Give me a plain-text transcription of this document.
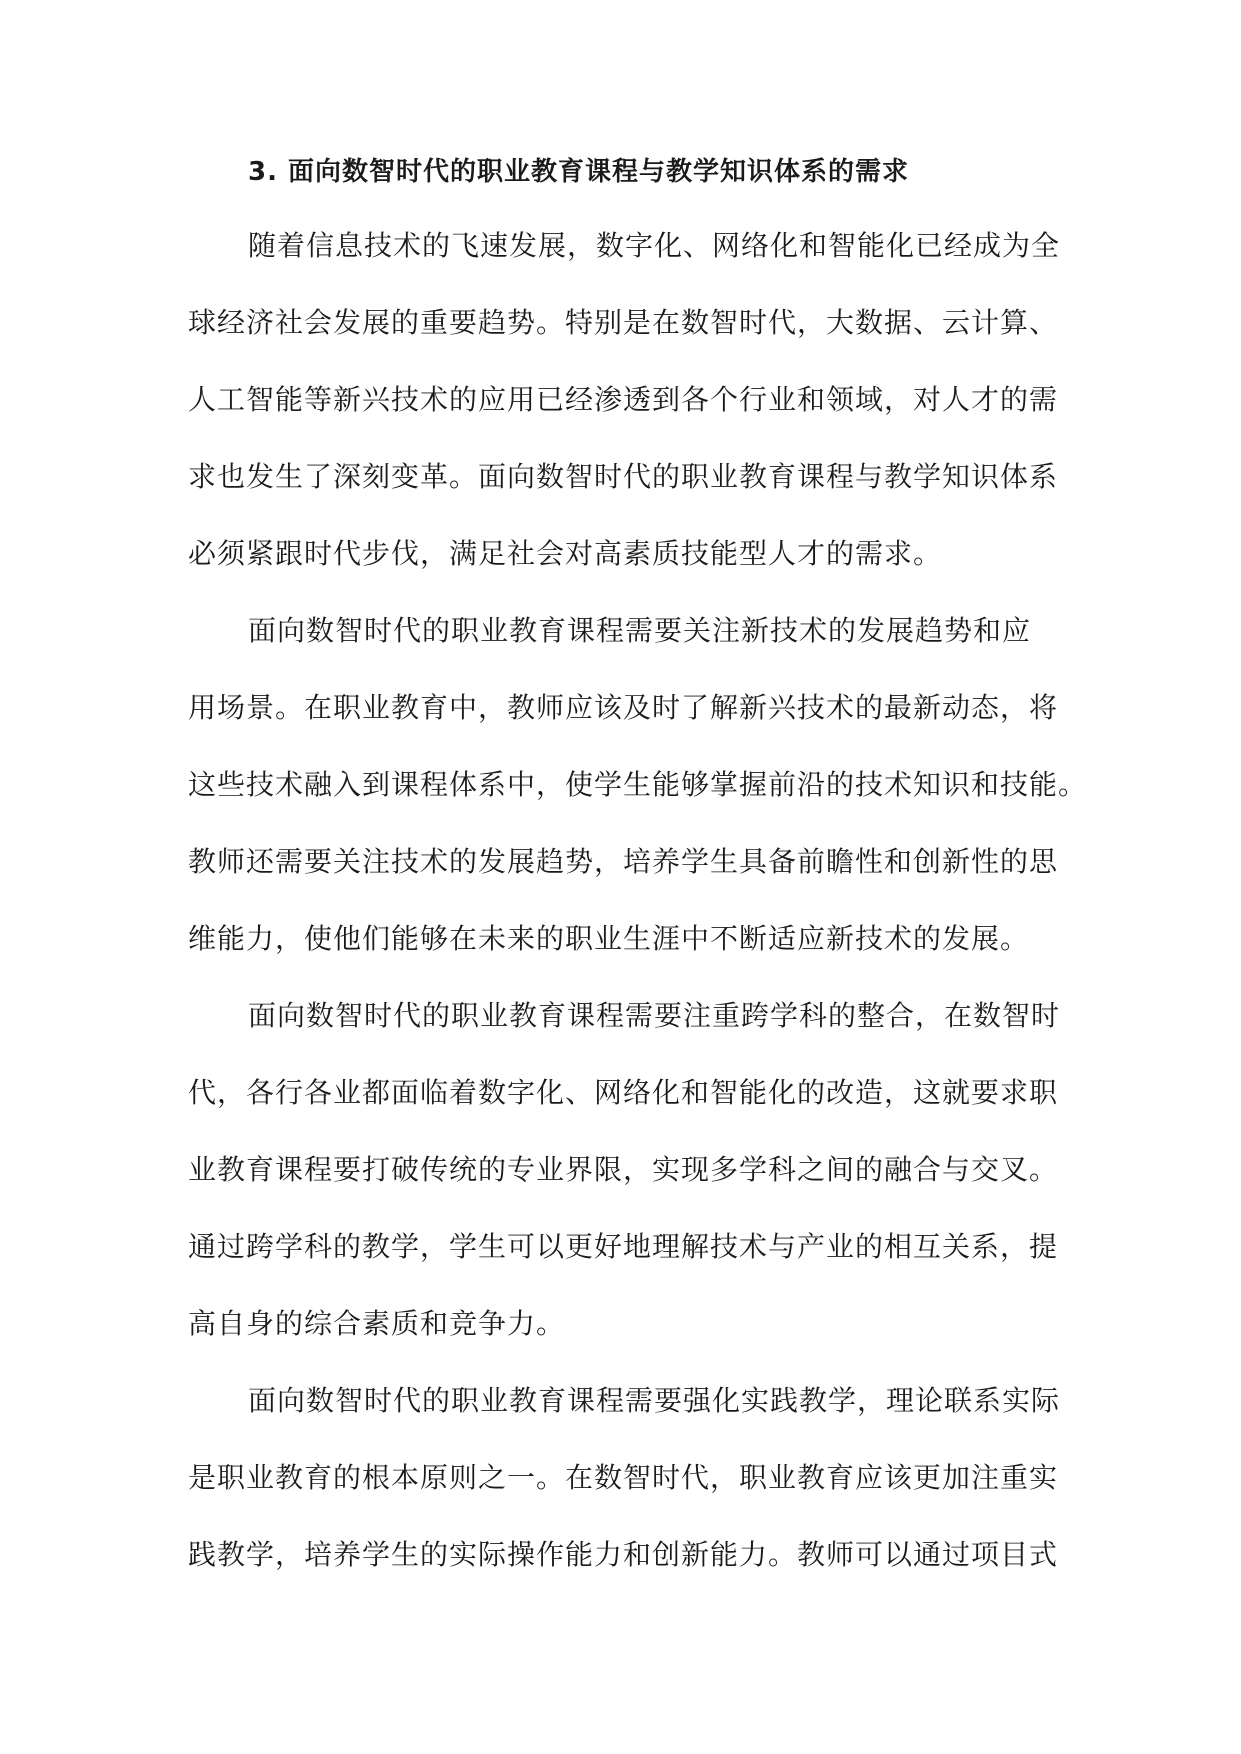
3. 面向数智时代的职业教育课程与教学知识体系的需求
随着信息技术的飞速发展，数字化、网络化和智能化已经成为全
球经济社会发展的重要趋势。特别是在数智时代，大数据、云计算、
人工智能等新兴技术的应用已经渗透到各个行业和领域，对人才的需
求也发生了深刻变革。面向数智时代的职业教育课程与教学知识体系
必须紧跟时代步伐，满足社会对高素质技能型人才的需求。
面向数智时代的职业教育课程需要关注新技术的发展趋势和应
用场景。在职业教育中，教师应该及时了解新兴技术的最新动态，将
这些技术融入到课程体系中，使学生能够掌握前沿的技术知识和技能。
教师还需要关注技术的发展趋势，培养学生具备前瞻性和创新性的思
维能力，使他们能够在未来的职业生涯中不断适应新技术的发展。
面向数智时代的职业教育课程需要注重跨学科的整合，在数智时
代，各行各业都面临着数字化、网络化和智能化的改造，这就要求职
业教育课程要打破传统的专业界限，实现多学科之间的融合与交叉。
通过跨学科的教学，学生可以更好地理解技术与产业的相互关系，提
高自身的综合素质和竞争力。
面向数智时代的职业教育课程需要强化实践教学，理论联系实际
是职业教育的根本原则之一。在数智时代，职业教育应该更加注重实
践教学，培养学生的实际操作能力和创新能力。教师可以通过项目式
